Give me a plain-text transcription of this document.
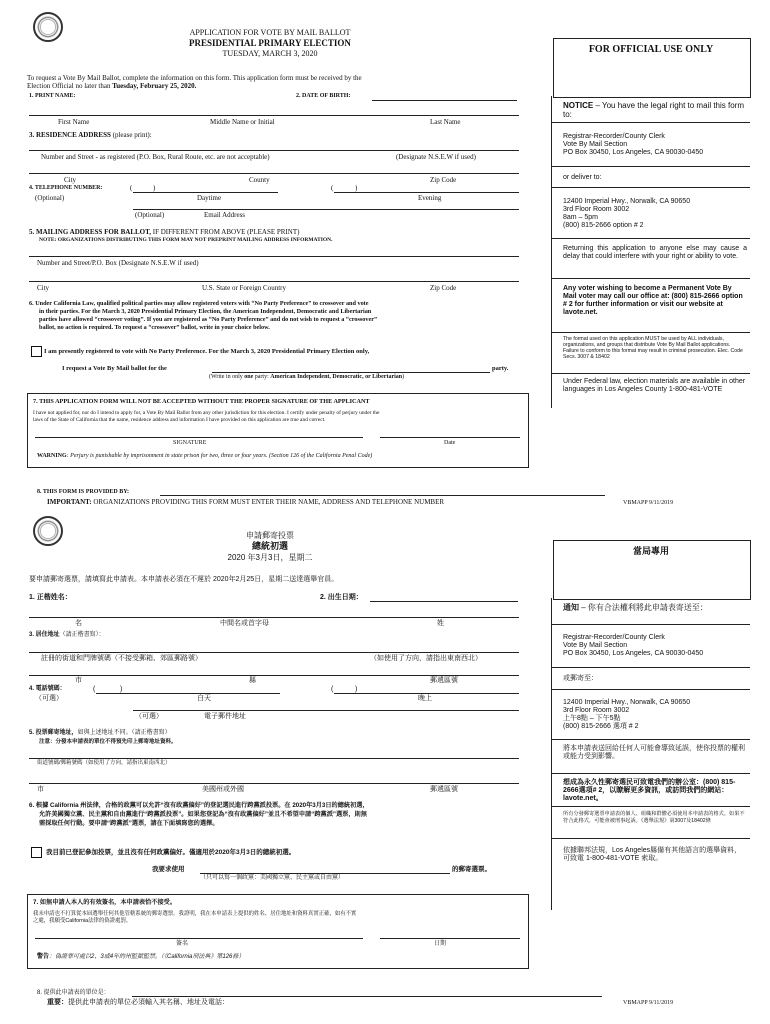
APPLICATION FOR VOTE BY MAIL BALLOT
PRESIDENTIAL PRIMARY ELECTION
TUESDAY, MARCH 3, 2020	FOR OFFICIAL USE ONLY
To request a Vote By Mail Ballot, complete the information on this form. This application form must be received by the
Election Official no later than Tuesday, February 25, 2020.
1. PRINT NAME:	2. DATE OF BIRTH:
First Name	Middle Name or Initial	Last Name
3. RESIDENCE ADDRESS (please print):
Number and Street - as registered (P.O. Box, Rural Route, etc. are not acceptable)	(Designate N.S.E.W if used)
City	County	Zip Code
4. TELEPHONE NUMBER:	(	)	(	)
(Optional)	Daytime	Evening
(Optional)	Email Address
5. MAILING ADDRESS FOR BALLOT, IF DIFFERENT FROM ABOVE (PLEASE PRINT)
NOTE: ORGANIZATIONS DISTRIBUTING THIS FORM MAY NOT PREPRINT MAILING ADDRESS INFORMATION.
Number and Street/P.O. Box (Designate N.S.E.W if used)
City	U.S. State or Foreign Country	Zip Code
6. Under California Law, qualified political parties may allow registered voters with “No Party Preference” to crossover and vote
in their parties. For the March 3, 2020 Presidential Primary Election, the American Independent, Democratic and Libertarian
parties have allowed “crossover voting”. If you are registered as “No Party Preference” and do not wish to request a “crossover”
ballot, no action is required. To request a “crossover” ballot, write in your choice below.
I am presently registered to vote with No Party Preference. For the March 3, 2020 Presidential Primary Election only,
I request a Vote By Mail ballot for the	party.
(Write in only one party: American Independent, Democratic, or Libertarian)
7. THIS APPLICATION FORM WILL NOT BE ACCEPTED WITHOUT THE PROPER SIGNATURE OF THE APPLICANT
I have not applied for, nor do I intend to apply for, a Vote By Mail Ballot from any other jurisdiction for this election. I certify under penalty of perjury under the
laws of the State of California that the name, residence address and information I have provided on this application are true and correct.
SIGNATURE	Date
WARNING: Perjury is punishable by imprisonment in state prison for two, three or four years. (Section 126 of the California Penal Code)
NOTICE – You have the legal right to mail this form to:
Registrar-Recorder/County Clerk
Vote By Mail Section
PO Box 30450, Los Angeles, CA 90030-0450
or deliver to:
12400 Imperial Hwy., Norwalk, CA 90650
3rd Floor Room 3002
8am – 5pm
(800) 815-2666 option # 2
Returning this application to anyone else may cause a delay that could interfere with your right or ability to vote.
Any voter wishing to become a Permanent Vote By Mail voter may call our office at: (800) 815-2666 option # 2 for further information or visit our website at lavote.net.
The format used on this application MUST be used by ALL individuals, organizations, and groups that distribute Vote By Mail Ballot applications. Failure to conform to this format may result in criminal prosecution. Elec. Code Secs. 3007 & 18402
Under Federal law, election materials are available in other languages in Los Angeles County 1-800-481-VOTE
8. THIS FORM IS PROVIDED BY:
IMPORTANT: ORGANIZATIONS PROVIDING THIS FORM MUST ENTER THEIR NAME, ADDRESS AND TELEPHONE NUMBER	VBMAPP 9/11/2019
申請郵寄投票
總統初選
2020 年3月3日，星期二
當局專用
要申請郵寄選票，請填寫此申請表。本申請表必須在不遲於 2020年2月25日，星期二送達選舉官員。
1. 正楷姓名：	2. 出生日期：
名	中間名或首字母	姓
3. 居住地址（請正楷書寫）：
註冊的街道和門牌號碼（不接受郵箱、郊區郵路號）	（如使用了方向，請指出東南西北）
市	縣	郵遞區號
4. 電話號碼：	(	)	(	)
（可選）	白天	晚上
（可選）	電子郵件地址
5. 投票郵寄地址，如與上述地址不同。（請正楷書寫）
注意：分發本申請表的單位不得預先印上郵寄地址資料。
街道號碼/郵箱號碼（如使用了方向，請指出東南西北）
市	美國州或外國	郵遞區號
6. 根據 California 州法律，合格的政黨可以允許“沒有政黨偏好”的登記選民進行跨黨派投票。在 2020年3月3日的總統初選，
允許美國獨立黨、民主黨和自由黨進行“跨黨派投票”。如果您登記為“沒有政黨偏好”並且不希望申請“跨黨派”選票，則無
需採取任何行動。要申請“跨黨派”選票，請在下面填寫您的選擇。
我目前已登記參加投票，並且沒有任何政黨偏好。僅適用於2020年3月3日的總統初選。
我要求使用	的郵寄選票。
（只可以寫一個政黨：美國獨立黨、民主黨或自由黨）
7. 如無申請人本人的有效簽名，本申請表恰不接受。
我未申請也不打算從本屆選舉任何其他管轄系統的郵寄選票。我證明，我在本申請表上提供的姓名、居住地址和資料真實正確，如有不實
之處，我願受California法律的偽證處罰。
簽名	日期
警告：偽證罪可處以2、3或4年的州監獄監禁。（《California刑法典》第126條）
通知 – 你有合法權利將此申請表寄送至：
Registrar-Recorder/County Clerk
Vote By Mail Section
PO Box 30450, Los Angeles, CA 90030-0450
或郵寄至：
12400 Imperial Hwy., Norwalk, CA 90650
3rd Floor Room 3002
上午8點 – 下午5點
(800) 815-2666 選項 # 2
將本申請表送回給任何人可能會導致延誤，使你投票的權利或能力受到影響。
想成為永久性郵寄選民可致電我們的辦公室：(800) 815-2666選項# 2，以瞭解更多資訊，或訪問我們的網站：lavote.net。
所有分發郵寄選票申請表的個人、組織和群體必須使用本申請表的格式。如果不符合此格式，可能會被刑事起訴。《選舉法規》第3007及18402條
依據聯邦法規，Los Angeles縣備有其他語言的選舉資料，可致電 1-800-481-VOTE 索取。
8. 提供此申請表的單位是：
重要：提供此申請表的單位必須輸入其名稱、地址及電話：	VBMAPP 9/11/2019
